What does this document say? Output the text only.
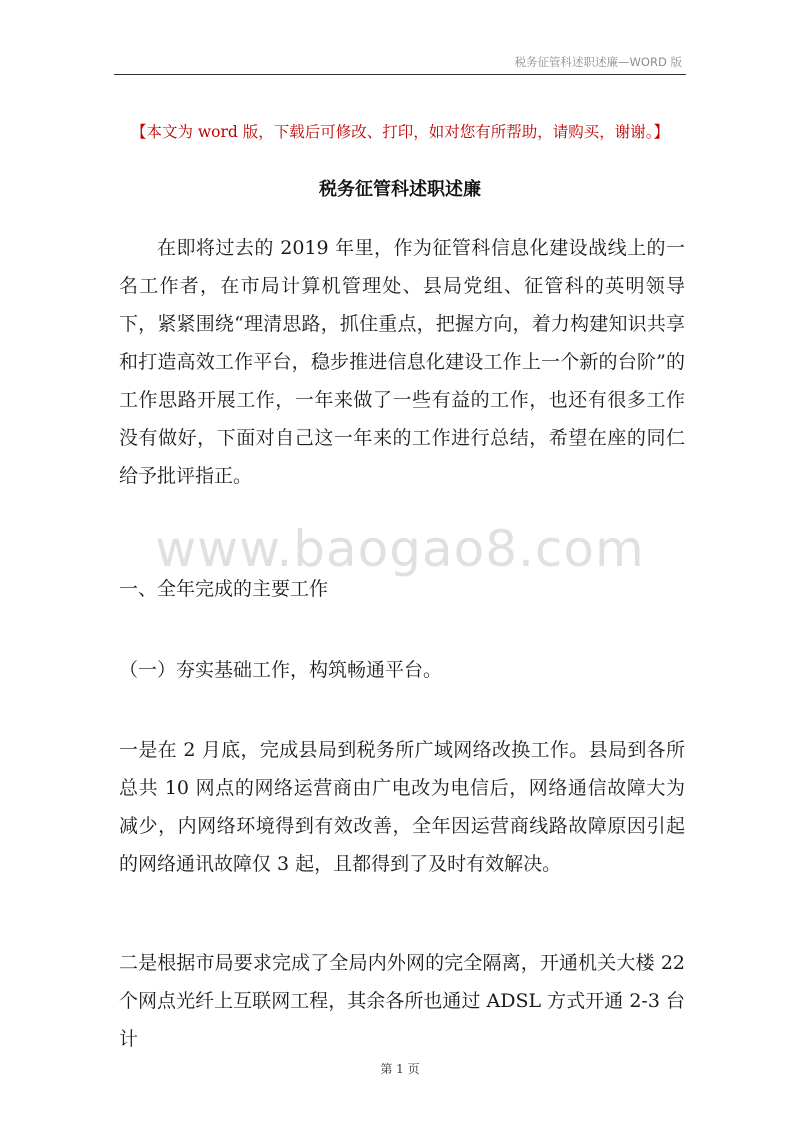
税务征管科述职述廉—WORD 版
【本文为 word 版，下载后可修改、打印，如对您有所帮助，请购买，谢谢。】
税务征管科述职述廉

在即将过去的 2019 年里，作为征管科信息化建设战线上的一名工作者，在市局计算机管理处、县局党组、征管科的英明领导下，紧紧围绕“理清思路，抓住重点，把握方向，着力构建知识共享和打造高效工作平台，稳步推进信息化建设工作上一个新的台阶”的工作思路开展工作，一年来做了一些有益的工作，也还有很多工作没有做好，下面对自己这一年来的工作进行总结，希望在座的同仁给予批评指正。

www.baogao8.com

一、全年完成的主要工作

（一）夯实基础工作，构筑畅通平台。

一是在 2 月底，完成县局到税务所广域网络改换工作。县局到各所总共 10 网点的网络运营商由广电改为电信后，网络通信故障大为减少，内网络环境得到有效改善，全年因运营商线路故障原因引起的网络通讯故障仅 3 起，且都得到了及时有效解决。

二是根据市局要求完成了全局内外网的完全隔离，开通机关大楼 22 个网点光纤上互联网工程，其余各所也通过 ADSL 方式开通 2-3 台计

第 1 页
